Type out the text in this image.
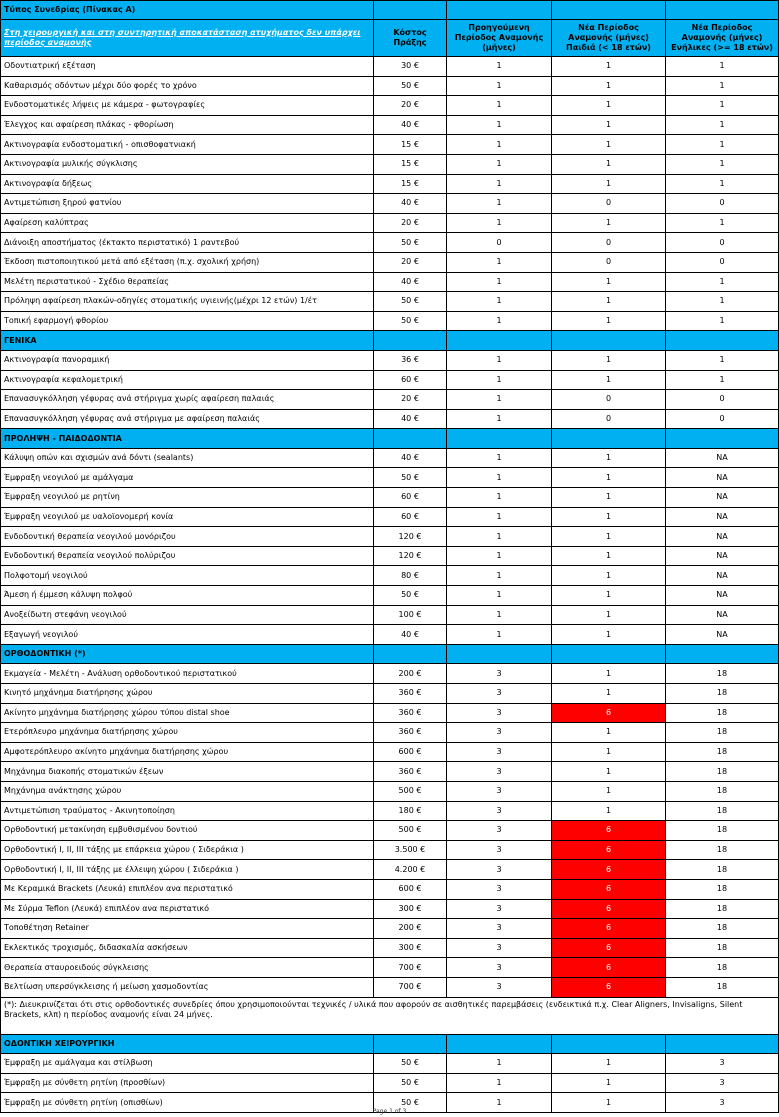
Τύπος Συνεδρίας (Πίνακας Α)				
Στη χειρουργική και στη συντηρητική αποκατάσταση ατυχήματος δεν υπάρχει περίοδος αναμονής	Κόστος Πράξης	Προηγούμενη Περίοδος Αναμονής (μήνες)	Νέα Περίοδος Αναμονής (μήνες) Παιδιά (< 18 ετών)	Νέα Περίοδος Αναμονής (μήνες) Ενήλικες (>= 18 ετών)
Οδοντιατρική εξέταση	30 €	1	1	1
Καθαρισμός οδόντων μέχρι δύο φορές το χρόνο	50 €	1	1	1
Ενδοστοματικές λήψεις με κάμερα - φωτογραφίες	20 €	1	1	1
Έλεγχος και αφαίρεση πλάκας - φθορίωση	40 €	1	1	1
Ακτινογραφία ενδοστοματική - οπισθοφατνιακή	15 €	1	1	1
Ακτινογραφία μυλικής σύγκλισης	15 €	1	1	1
Ακτινογραφία δήξεως	15 €	1	1	1
Αντιμετώπιση ξηρού φατνίου	40 €	1	0	0
Αφαίρεση καλύπτρας	20 €	1	1	1
Διάνοιξη αποστήματος (έκτακτο περιστατικό) 1 ραντεβού	50 €	0	0	0
Έκδοση πιστοποιητικού μετά από εξέταση (π.χ. σχολική χρήση)	20 €	1	0	0
Μελέτη περιστατικού - Σχέδιο θεραπείας	40 €	1	1	1
Πρόληψη αφαίρεση πλακών-οδηγίες στοματικής υγιεινής(μέχρι 12 ετών) 1/έτ	50 €	1	1	1
Τοπική εφαρμογή φθορίου	50 €	1	1	1
ΓΕΝΙΚΑ				
Ακτινογραφία πανοραμική	36 €	1	1	1
Ακτινογραφία κεφαλομετρική	60 €	1	1	1
Επανασυγκόλληση γέφυρας ανά στήριγμα χωρίς αφαίρεση παλαιάς	20 €	1	0	0
Επανασυγκόλληση γέφυρας ανά στήριγμα με αφαίρεση παλαιάς	40 €	1	0	0
ΠΡΟΛΗΨΗ - ΠΑΙΔΟΔΟΝΤΙΑ				
Κάλυψη οπών και σχισμών ανά δόντι (sealants)	40 €	1	1	NA
Έμφραξη νεογιλού με αμάλγαμα	50 €	1	1	NA
Έμφραξη νεογιλού με ρητίνη	60 €	1	1	NA
Έμφραξη νεογιλού με υαλοϊονομερή κονία	60 €	1	1	NA
Ενδοδοντική θεραπεία νεογιλού μονόριζου	120 €	1	1	NA
Ενδοδοντική θεραπεία νεογιλού πολύριζου	120 €	1	1	NA
Πολφοτομή νεογιλού	80 €	1	1	NA
Άμεση ή έμμεση κάλυψη πολφού	50 €	1	1	NA
Ανοξείδωτη στεφάνη νεογιλού	100 €	1	1	NA
Εξαγωγή νεογιλού	40 €	1	1	NA
ΟΡΘΟΔΟΝΤΙΚΗ (*)				
Εκμαγεία - Μελέτη - Ανάλυση ορθοδοντικού περιστατικού	200 €	3	1	18
Κινητό μηχάνημα διατήρησης χώρου	360 €	3	1	18
Ακίνητο μηχάνημα διατήρησης χώρου τύπου distal shoe	360 €	3	6	18
Ετερόπλευρο μηχάνημα διατήρησης χώρου	360 €	3	1	18
Αμφοτερόπλευρο ακίνητο μηχάνημα διατήρησης χώρου	600 €	3	1	18
Μηχάνημα διακοπής στοματικών έξεων	360 €	3	1	18
Μηχάνημα ανάκτησης χώρου	500 €	3	1	18
Αντιμετώπιση τραύματος - Ακινητοποίηση	180 €	3	1	18
Ορθοδοντική μετακίνηση εμβυθισμένου δοντιού	500 €	3	6	18
Ορθοδοντική I, II, III τάξης με επάρκεια χώρου ( Σιδεράκια )	3.500 €	3	6	18
Ορθοδοντική I, II, III τάξης με έλλειψη χώρου ( Σιδεράκια )	4.200 €	3	6	18
Με Κεραμικά Brackets (Λευκά) επιπλέον ανα περιστατικό	600 €	3	6	18
Με Σύρμα Teflon (Λευκά) επιπλέον ανα περιστατικό	300 €	3	6	18
Τοποθέτηση Retainer	200 €	3	6	18
Εκλεκτικός τροχισμός, διδασκαλία ασκήσεων	300 €	3	6	18
Θεραπεία σταυροειδούς σύγκλεισης	700 €	3	6	18
Βελτίωση υπερσύγκλεισης ή μείωση χασμοδοντίας	700 €	3	6	18
(*): Διευκρινίζεται ότι στις ορθοδοντικές συνεδρίες όπου χρησιμοποιούνται τεχνικές / υλικά που αφορούν σε αισθητικές παρεμβάσεις (ενδεικτικά π.χ. Clear Aligners, Invisaligns, Silent Brackets, κλπ) η περίοδος αναμονής είναι 24 μήνες.				
ΟΔΟΝΤΙΚΗ ΧΕΙΡΟΥΡΓΙΚΗ				
Έμφραξη με αμάλγαμα και στίλβωση	50 €	1	1	3
Έμφραξη με σύνθετη ρητίνη (προσθίων)	50 €	1	1	3
Έμφραξη με σύνθετη ρητίνη (οπισθίων)	50 €	1	1	3
Page 1 of 3
